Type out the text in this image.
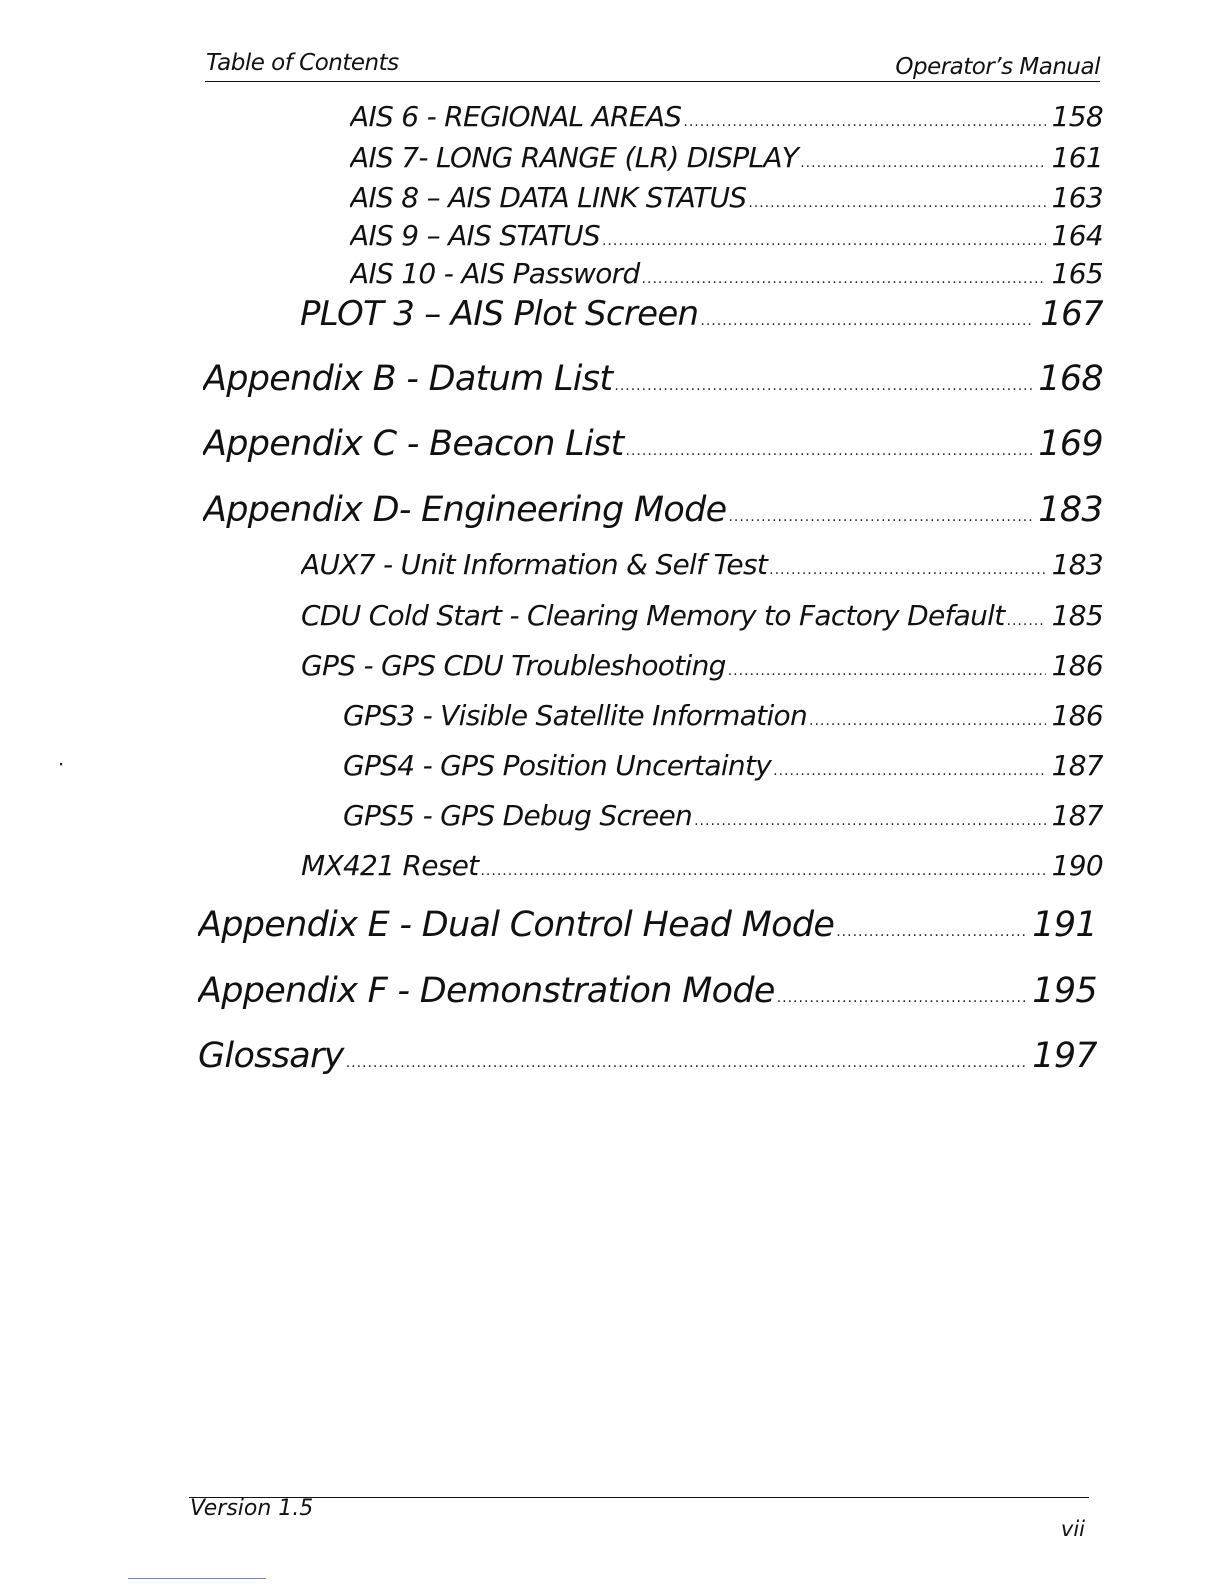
Table of Contents	Operator’s Manual
AIS 6 - REGIONAL AREAS .....	158
AIS 7- LONG RANGE (LR) DISPLAY .....	161
AIS 8 – AIS DATA LINK STATUS .....	163
AIS 9 – AIS STATUS .....	164
AIS 10 - AIS Password .....	165
PLOT 3 – AIS Plot Screen .....	167
Appendix B - Datum List .....	168
Appendix C - Beacon List .....	169
Appendix D- Engineering Mode .....	183
AUX7 - Unit Information & Self Test .....	183
CDU Cold Start - Clearing Memory to Factory Default ..... 185
GPS - GPS CDU Troubleshooting .....	186
GPS3 - Visible Satellite Information .....	186
GPS4 - GPS Position Uncertainty .....	187
GPS5 - GPS Debug Screen .....	187
MX421 Reset .....	190
Appendix E - Dual Control Head Mode .....	191
Appendix F - Demonstration Mode .....	195
Glossary .....	197
⋅
Version 1.5
vii
